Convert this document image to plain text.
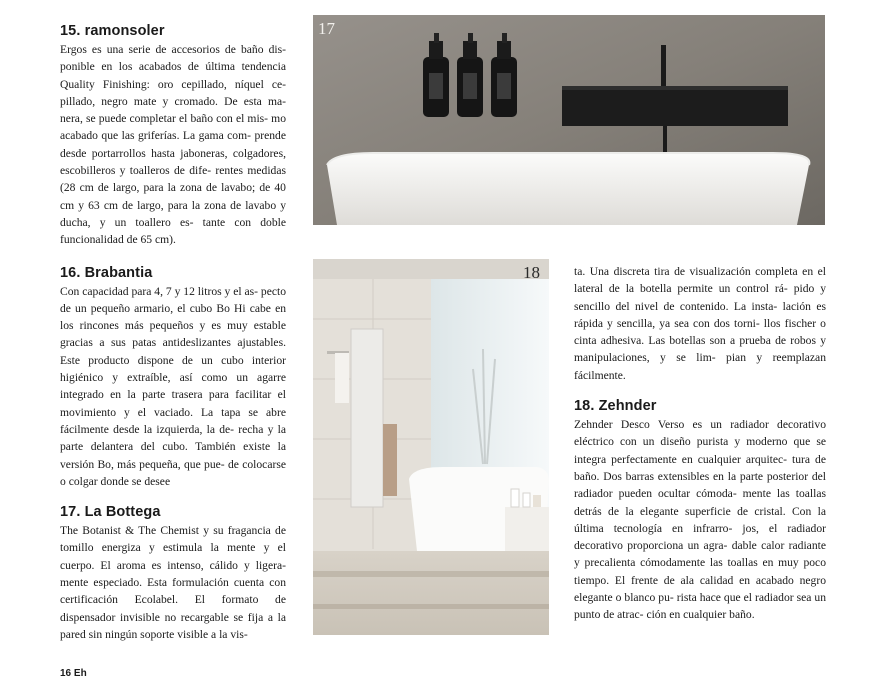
15. ramonsoler

Ergos es una serie de accesorios de baño dis- ponible en los acabados de última tendencia Quality Finishing: oro cepillado, níquel ce- pillado, negro mate y cromado. De esta ma- nera, se puede completar el baño con el mis- mo acabado que las griferías. La gama com- prende desde portarrollos hasta jaboneras, colgadores, escobilleros y toalleros de dife- rentes medidas (28 cm de largo, para la zona de lavabo; de 40 cm y 63 cm de largo, para la zona de lavabo y ducha, y un toallero es- tante con doble funcionalidad de 65 cm).

16. Brabantia

Con capacidad para 4, 7 y 12 litros y el as- pecto de un pequeño armario, el cubo Bo Hi cabe en los rincones más pequeños y es muy estable gracias a sus patas antideslizantes ajustables. Este producto dispone de un cubo interior higiénico y extraíble, así como un agarre integrado en la parte trasera para facilitar el movimiento y el vaciado. La tapa se abre fácilmente desde la izquierda, la de- recha y la parte delantera del cubo. También existe la versión Bo, más pequeña, que pue- de colocarse o colgar donde se desee

17. La Bottega

The Botanist & The Chemist y su fragancia de tomillo energiza y estimula la mente y el cuerpo. El aroma es intenso, cálido y ligera- mente especiado. Esta formulación cuenta con certificación Ecolabel. El formato de dispensador invisible no recargable se fija a la pared sin ningún soporte visible a la vis-

17
18	ta. Una discreta tira de visualización completa en el lateral de la botella permite un control rá- pido y sencillo del nivel de contenido. La insta- lación es rápida y sencilla, ya sea con dos torni- llos fischer o cinta adhesiva. Las botellas son a prueba de robos y manipulaciones, y se lim- pian y reemplazan fácilmente.

18. Zehnder

Zehnder Desco Verso es un radiador decorativo eléctrico con un diseño purista y moderno que se integra perfectamente en cualquier arquitec- tura de baño. Dos barras extensibles en la parte posterior del radiador pueden ocultar cómoda- mente las toallas detrás de la elegante superficie de cristal. Con la última tecnología en infrarro- jos, el radiador decorativo proporciona un agra- dable calor radiante y precalienta cómodamente las toallas en muy poco tiempo. El frente de ala calidad en acabado negro elegante o blanco pu- rista hace que el radiador sea un punto de atrac- ción en cualquier baño.

16 Eh
